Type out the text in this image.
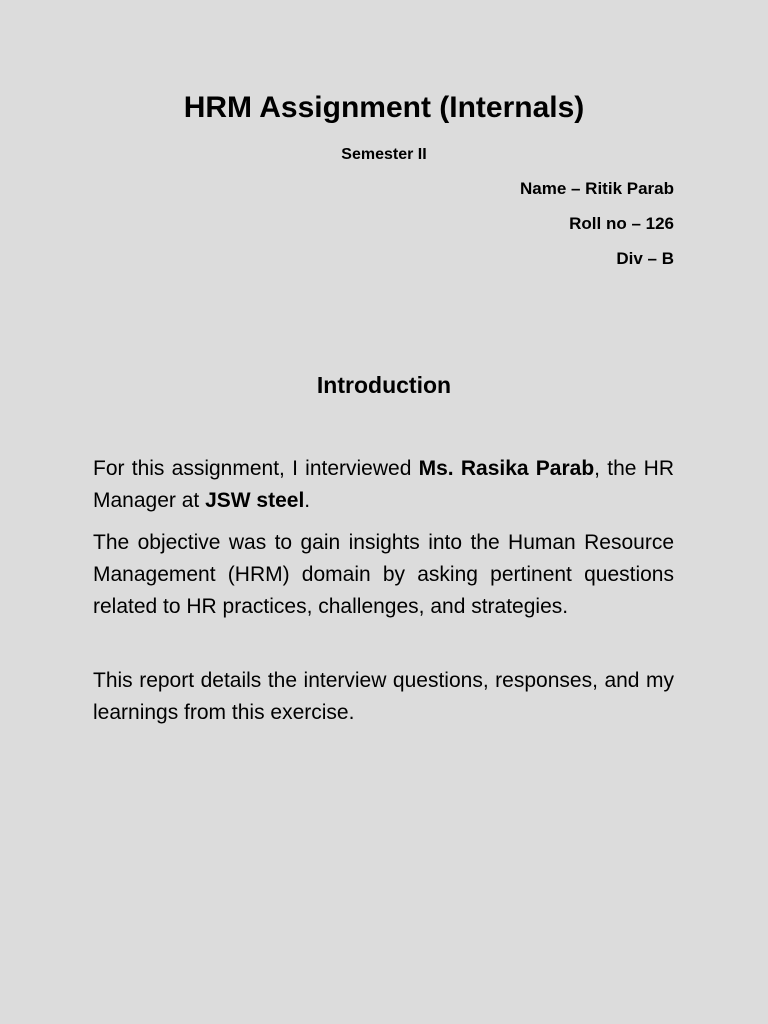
HRM Assignment (Internals)

Semester II

Name – Ritik Parab

Roll no – 126

Div – B

Introduction

For this assignment, I interviewed Ms. Rasika Parab, the HR Manager at JSW steel.

The objective was to gain insights into the Human Resource Management (HRM) domain by asking pertinent questions related to HR practices, challenges, and strategies.

This report details the interview questions, responses, and my learnings from this exercise.
